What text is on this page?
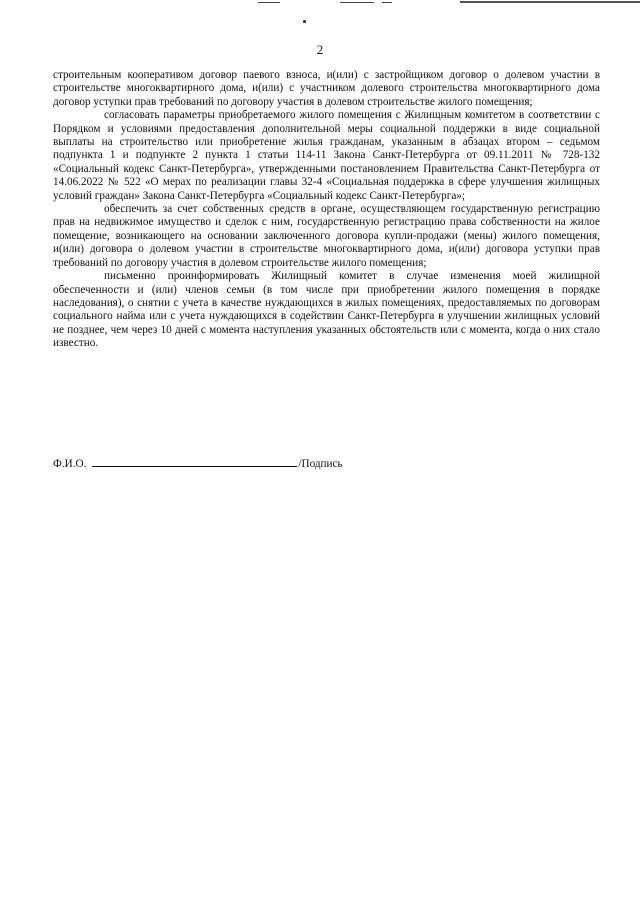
2

строительным кооперативом договор паевого взноса, и(или) с застройщиком договор о долевом участии в строительстве многоквартирного дома, и(или) с участником долевого строительства многоквартирного дома договор уступки прав требований по договору участия в долевом строительстве жилого помещения;

согласовать параметры приобретаемого жилого помещения с Жилищным комитетом в соответствии с Порядком и условиями предоставления дополнительной меры социальной поддержки в виде социальной выплаты на строительство или приобретение жилья гражданам, указанным в абзацах втором – седьмом подпункта 1 и подпункте 2 пункта 1 статьи 114-11 Закона Санкт-Петербурга от 09.11.2011 № 728-132 «Социальный кодекс Санкт-Петербурга», утвержденными постановлением Правительства Санкт-Петербурга от 14.06.2022 № 522 «О мерах по реализации главы 32-4 «Социальная поддержка в сфере улучшения жилищных условий граждан» Закона Санкт-Петербурга «Социальный кодекс Санкт-Петербурга»;

обеспечить за счет собственных средств в органе, осуществляющем государственную регистрацию прав на недвижимое имущество и сделок с ним, государственную регистрацию права собственности на жилое помещение, возникающего на основании заключенного договора купли-продажи (мены) жилого помещения, и(или) договора о долевом участии в строительстве многоквартирного дома, и(или) договора уступки прав требований по договору участия в долевом строительстве жилого помещения;

письменно проинформировать Жилищный комитет в случае изменения моей жилищной обеспеченности и (или) членов семьи (в том числе при приобретении жилого помещения в порядке наследования), о снятии с учета в качестве нуждающихся в жилых помещениях, предоставляемых по договорам социального найма или с учета нуждающихся в содействии Санкт-Петербурга в улучшении жилищных условий не позднее, чем через 10 дней с момента наступления указанных обстоятельств или с момента, когда о них стало известно.

Ф.И.О.	/Подпись
